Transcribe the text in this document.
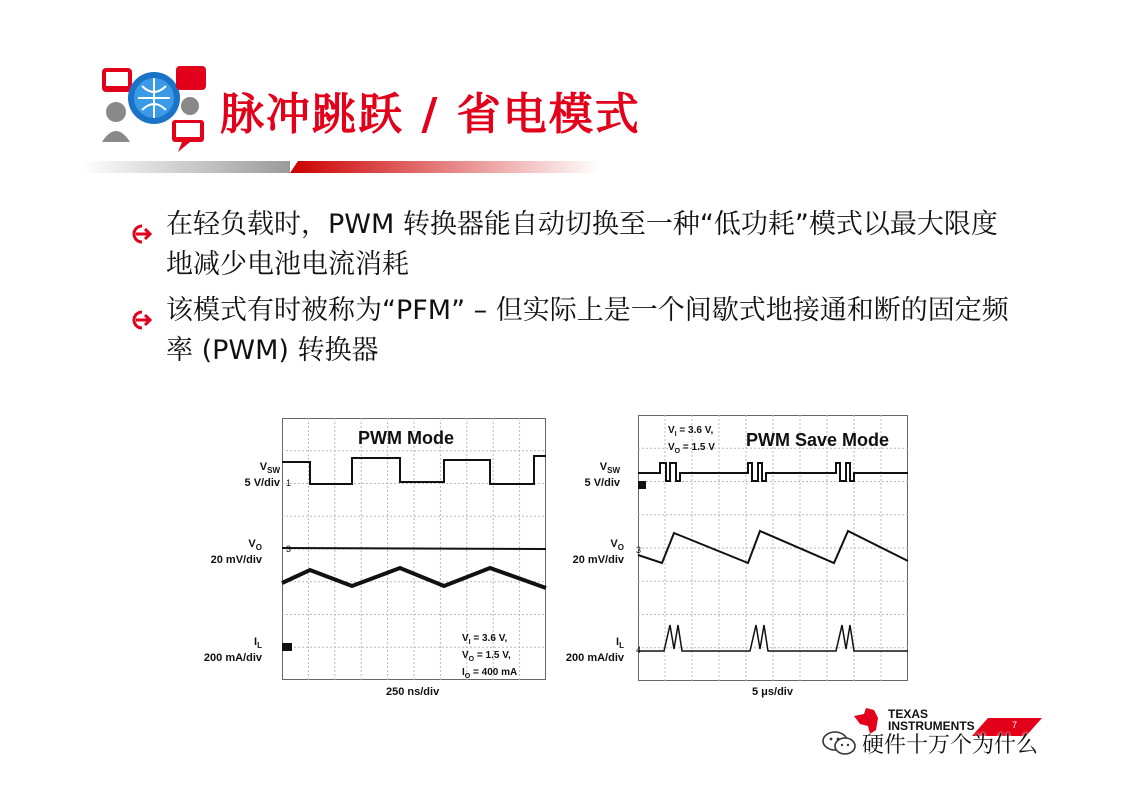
脉冲跳跃 / 省电模式
在轻负载时，PWM 转换器能自动切换至一种“低功耗”模式以最大限度地减少电池电流消耗
该模式有时被称为“PFM” – 但实际上是一个间歇式地接通和断的固定频率 (PWM) 转换器
1
3
PWM Mode
$V_{SW}$
5 V/div
$V_O$
20 mV/div
$I_L$
200 mA/div
$V_I = 3.6$ V,
$V_O = 1.5$ V,
$I_O = 400$ mA
250 ns/div
3
4
$V_I = 3.6$ V,
$V_O = 1.5$ V PWM Save Mode
$V_{SW}$
5 V/div
$V_O$
20 mV/div
$I_L$
200 mA/div
5 μs/div
TEXAS
INSTRUMENTS	7
硬件十万个为什么
